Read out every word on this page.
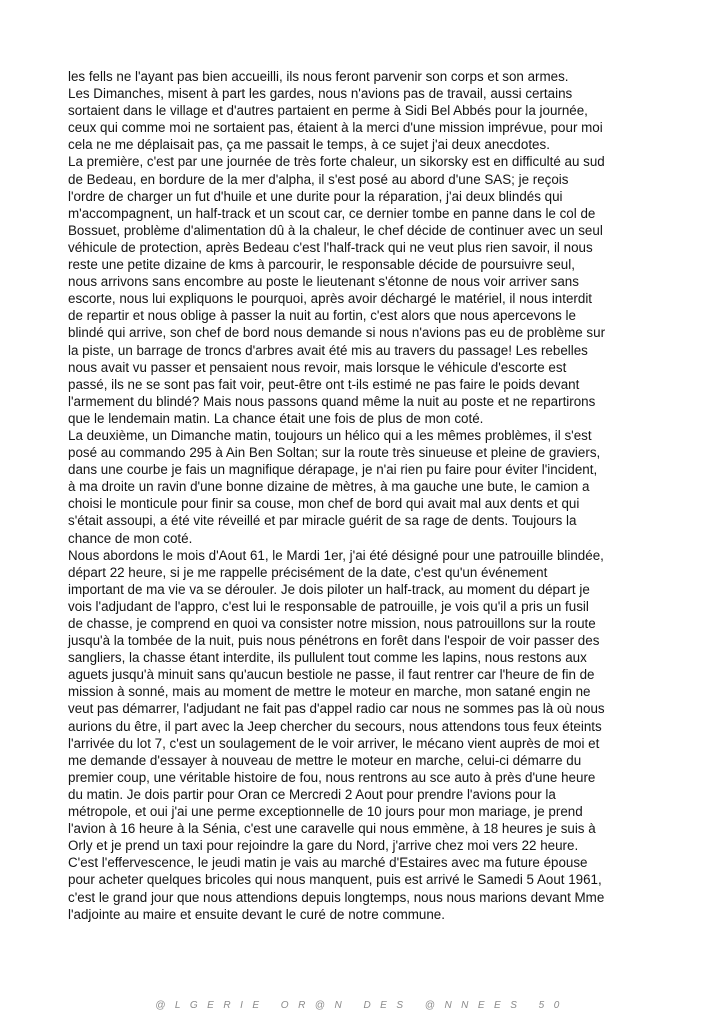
les fells ne l'ayant pas bien accueilli, ils nous feront parvenir son corps et son armes.
Les Dimanches, misent à part les gardes, nous n'avions pas de travail, aussi certains
sortaient dans le village et d'autres partaient en perme à Sidi Bel Abbés pour la journée,
ceux qui comme moi ne sortaient pas, étaient à la merci d'une mission imprévue, pour moi
cela ne me déplaisait pas, ça me passait le temps, à ce sujet j'ai deux anecdotes.
La première, c'est par une journée de très forte chaleur, un sikorsky est en difficulté au sud
de Bedeau, en bordure de la mer d'alpha, il s'est posé au abord d'une SAS; je reçois
l'ordre de charger un fut d'huile et une durite pour la réparation, j'ai deux blindés qui
m'accompagnent, un half-track et un scout car, ce dernier tombe en panne dans le col de
Bossuet, problème d'alimentation dû à la chaleur, le chef décide de continuer avec un seul
véhicule de protection, après Bedeau c'est l'half-track qui ne veut plus rien savoir, il nous
reste une petite dizaine de kms à parcourir, le responsable décide de poursuivre seul,
nous arrivons sans encombre au poste le lieutenant s'étonne de nous voir arriver sans
escorte, nous lui expliquons le pourquoi, après avoir déchargé le matériel, il nous interdit
de repartir et nous oblige à passer la nuit au fortin, c'est alors que nous apercevons le
blindé qui arrive, son chef de bord nous demande si nous n'avions pas eu de problème sur
la piste, un barrage de troncs d'arbres avait été mis au travers du passage! Les rebelles
nous avait vu passer et pensaient nous revoir, mais lorsque le véhicule d'escorte est
passé, ils ne se sont pas fait voir, peut-être ont t-ils estimé ne pas faire le poids devant
l'armement du blindé? Mais nous passons quand même la nuit au poste et ne repartirons
que le lendemain matin. La chance était une fois de plus de mon coté.
La deuxième, un Dimanche matin, toujours un hélico qui a les mêmes problèmes, il s'est
posé au commando 295 à Ain Ben Soltan; sur la route très sinueuse et pleine de graviers,
dans une courbe je fais un magnifique dérapage, je n'ai rien pu faire pour éviter l'incident,
à ma droite un ravin d'une bonne dizaine de mètres, à ma gauche une bute, le camion a
choisi le monticule pour finir sa couse, mon chef de bord qui avait mal aux dents et qui
s'était assoupi, a été vite réveillé et par miracle guérit de sa rage de dents. Toujours la
chance de mon coté.
Nous abordons le mois d'Aout 61, le Mardi 1er, j'ai été désigné pour une patrouille blindée,
départ 22 heure, si je me rappelle précisément de la date, c'est qu'un événement
important de ma vie va se dérouler. Je dois piloter un half-track, au moment du départ je
vois l'adjudant de l'appro, c'est lui le responsable de patrouille, je vois qu'il a pris un fusil
de chasse, je comprend en quoi va consister notre mission, nous patrouillons sur la route
jusqu'à la tombée de la nuit, puis nous pénétrons en forêt dans l'espoir de voir passer des
sangliers, la chasse étant interdite, ils pullulent tout comme les lapins, nous restons aux
aguets jusqu'à minuit sans qu'aucun bestiole ne passe, il faut rentrer car l'heure de fin de
mission à sonné, mais au moment de mettre le moteur en marche, mon satané engin ne
veut pas démarrer, l'adjudant ne fait pas d'appel radio car nous ne sommes pas là où nous
aurions du être, il part avec la Jeep chercher du secours, nous attendons tous feux éteints
l'arrivée du lot 7, c'est un soulagement de le voir arriver, le mécano vient auprès de moi et
me demande d'essayer à nouveau de mettre le moteur en marche, celui-ci démarre du
premier coup, une véritable histoire de fou, nous rentrons au sce auto à près d'une heure
du matin. Je dois partir pour Oran ce Mercredi 2 Aout pour prendre l'avions pour la
métropole, et oui j'ai une perme exceptionnelle de 10 jours pour mon mariage, je prend
l'avion à 16 heure à la Sénia, c'est une caravelle qui nous emmène, à 18 heures je suis à
Orly et je prend un taxi pour rejoindre la gare du Nord, j'arrive chez moi vers 22 heure.
C'est l'effervescence, le jeudi matin je vais au marché d'Estaires avec ma future épouse
pour acheter quelques bricoles qui nous manquent, puis est arrivé le Samedi 5 Aout 1961,
c'est le grand jour que nous attendions depuis longtemps, nous nous marions devant Mme
l'adjointe au maire et ensuite devant le curé de notre commune.
@LGERIE OR@N DES @NNEES 50
